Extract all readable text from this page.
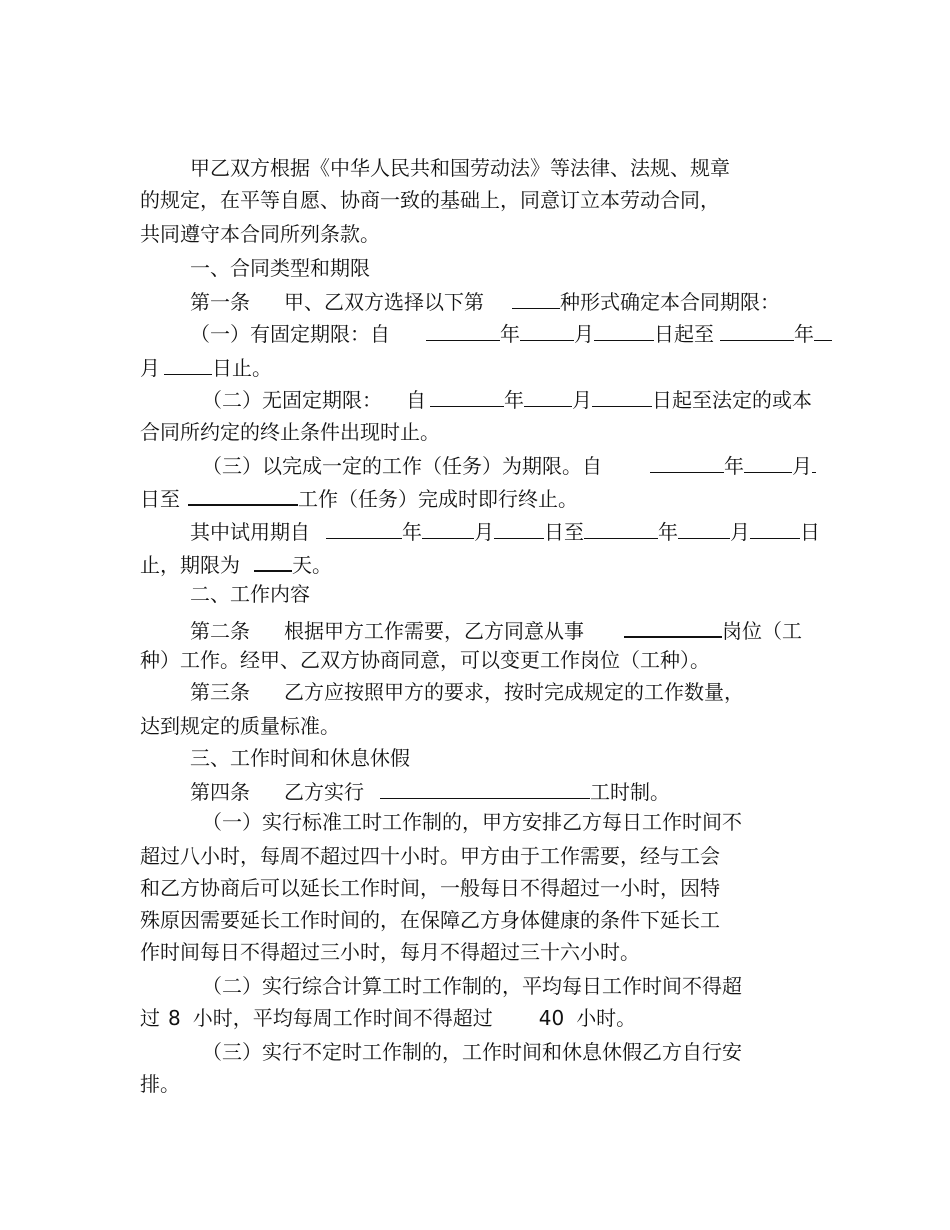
甲乙双方根据《中华人民共和国劳动法》等法律、法规、规章
的规定，在平等自愿、协商一致的基础上，同意订立本劳动合同，
共同遵守本合同所列条款。
一、合同类型和期限
第一条 甲、乙双方选择以下第	种形式确定本合同期限：
（一）有固定期限：自	年	月	日起至	年
月	日止。
（二）无固定期限： 自	年 月	日起至法定的或本
合同所约定的终止条件出现时止。
（三）以完成一定的工作（任务）为期限。自	年 月
日至	工作（任务）完成时即行终止。
其中试用期自	年	月	日至	年	月	日
止，期限为	天。
二、工作内容
第二条 根据甲方工作需要，乙方同意从事	岗位（工
种）工作。经甲、乙双方协商同意，可以变更工作岗位（工种）。
第三条 乙方应按照甲方的要求，按时完成规定的工作数量，
达到规定的质量标准。
三、工作时间和休息休假
第四条 乙方实行	工时制。
（一）实行标准工时工作制的，甲方安排乙方每日工作时间不
超过八小时，每周不超过四十小时。甲方由于工作需要，经与工会
和乙方协商后可以延长工作时间，一般每日不得超过一小时，因特
殊原因需要延长工作时间的，在保障乙方身体健康的条件下延长工
作时间每日不得超过三小时，每月不得超过三十六小时。
（二）实行综合计算工时工作制的，平均每日工作时间不得超
过 8 小时，平均每周工作时间不得超过 40 小时。
（三）实行不定时工作制的，工作时间和休息休假乙方自行安
排。
